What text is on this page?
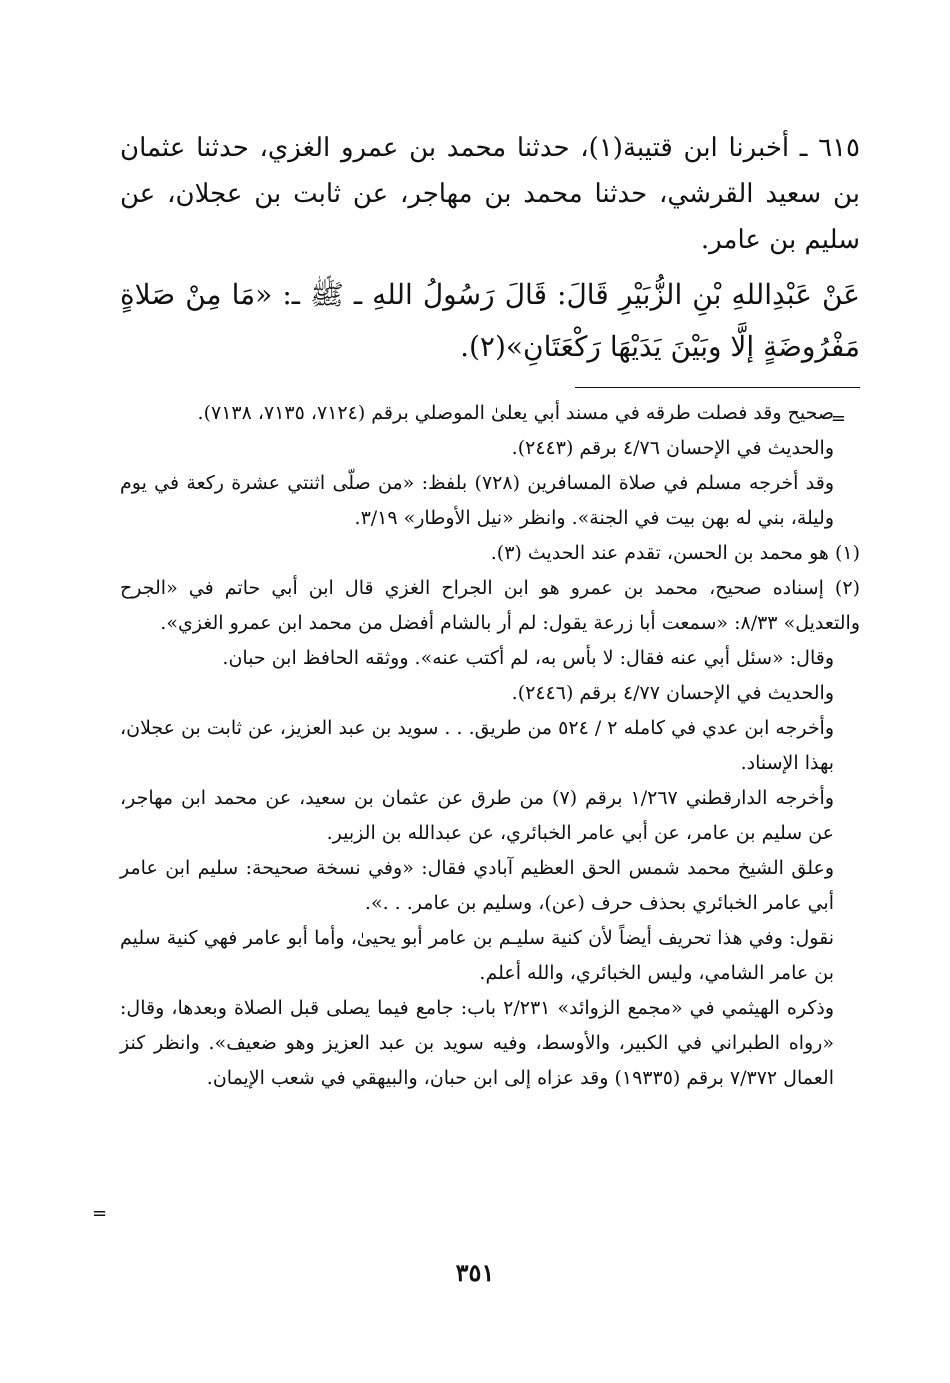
٦١٥ ـ أخبرنا ابن قتيبة(١)، حدثنا محمد بن عمرو الغزي، حدثنا عثمان بن سعيد القرشي، حدثنا محمد بن مهاجر، عن ثابت بن عجلان، عن سليم بن عامر.

عَنْ عَبْدِاللهِ بْنِ الزُّبَيْرِ قَالَ: قَالَ رَسُولُ اللهِ ـ ﷺ ـ: «مَا مِنْ صَلاةٍ مَفْرُوضَةٍ إلَّا وبَيْنَ يَدَيْهَا رَكْعَتَانِ»(٢).

صحيح وقد فصلت طرقه في مسند أبي يعلىٰ الموصلي برقم (٧١٢٤، ٧١٣٥، ٧١٣٨).

والحديث في الإحسان ٤/٧٦ برقم (٢٤٤٣).

وقد أخرجه مسلم في صلاة المسافرين (٧٢٨) بلفظ: «من صلّى اثنتي عشرة ركعة في يوم وليلة، بني له بهن بيت في الجنة». وانظر «نيل الأوطار» ٣/١٩.

(١) هو محمد بن الحسن، تقدم عند الحديث (٣).

(٢) إسناده صحيح، محمد بن عمرو هو ابن الجراح الغزي قال ابن أبي حاتم في «الجرح والتعديل» ٨/٣٣: «سمعت أبا زرعة يقول: لم أر بالشام أفضل من محمد ابن عمرو الغزي».

وقال: «سئل أبي عنه فقال: لا بأس به، لم أكتب عنه». ووثقه الحافظ ابن حبان.

والحديث في الإحسان ٤/٧٧ برقم (٢٤٤٦).

وأخرجه ابن عدي في كامله ٢ / ٥٢٤ من طريق. . . سويد بن عبد العزيز، عن ثابت بن عجلان، بهذا الإسناد.

وأخرجه الدارقطني ١/٢٦٧ برقم (٧) من طرق عن عثمان بن سعيد، عن محمد ابن مهاجر، عن سليم بن عامر، عن أبي عامر الخبائري، عن عبدالله بن الزبير.

وعلق الشيخ محمد شمس الحق العظيم آبادي فقال: «وفي نسخة صحيحة: سليم ابن عامر أبي عامر الخبائري بحذف حرف (عن)، وسليم بن عامر. . .».

نقول: وفي هذا تحريف أيضاً لأن كنية سليـم بن عامر أبو يحيىٰ، وأما أبو عامر فهي كنية سليم بن عامر الشامي، وليس الخبائري، والله أعلم.

وذكره الهيثمي في «مجمع الزوائد» ٢/٢٣١ باب: جامع فيما يصلى قبل الصلاة وبعدها، وقال: «رواه الطبراني في الكبير، والأوسط، وفيه سويد بن عبد العزيز وهو ضعيف». وانظر كنز العمال ٧/٣٧٢ برقم (١٩٣٣٥) وقد عزاه إلى ابن حبان، والبيهقي في شعب الإيمان.

=
=
٣٥١
